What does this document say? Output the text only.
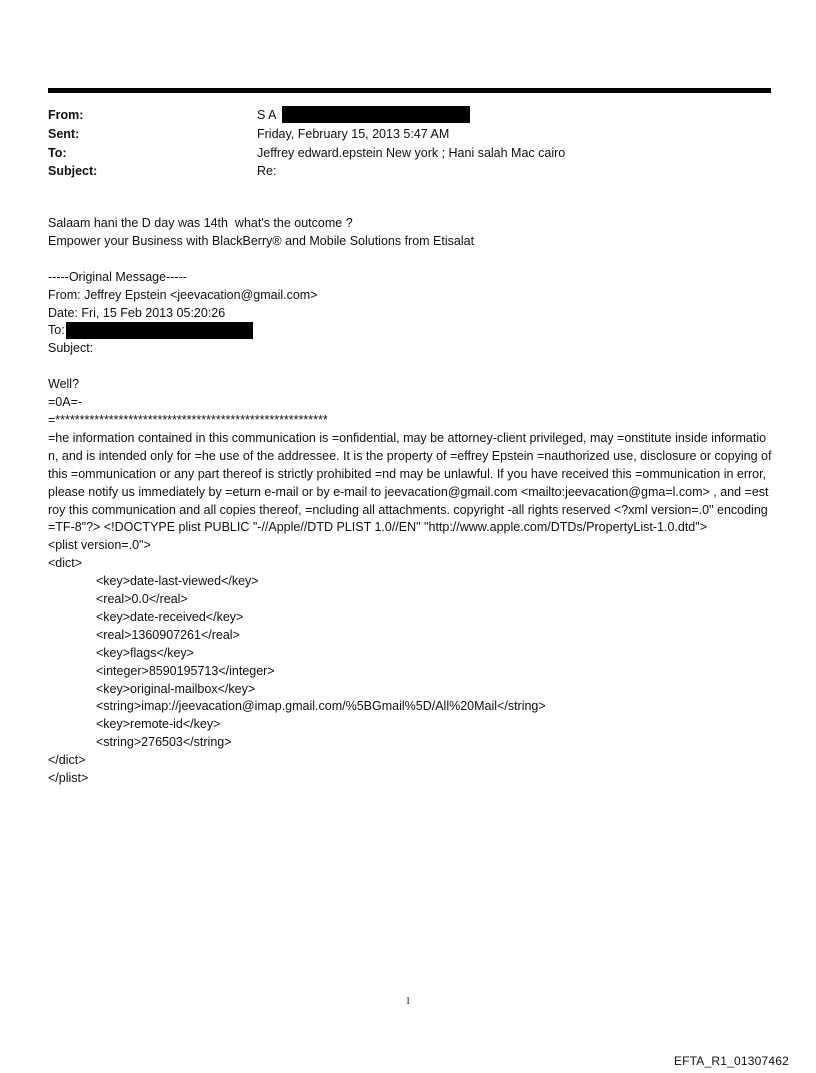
From:	S A
Sent:	Friday, February 15, 2013 5:47 AM
To:	Jeffrey edward.epstein New york ; Hani salah Mac cairo
Subject:	Re:
Salaam hani the D day was 14th  what's the outcome ?
Empower your Business with BlackBerry® and Mobile Solutions from Etisalat

-----Original Message-----
From: Jeffrey Epstein <jeevacation@gmail.com>
Date: Fri, 15 Feb 2013 05:20:26
To:
Subject:

Well?
=0A=-
=********************************************************
=he information contained in this communication is =onfidential, may be attorney-client privileged, may =onstitute inside information, and is intended only for =he use of the addressee. It is the property of =effrey Epstein =nauthorized use, disclosure or copying of this =ommunication or any part thereof is strictly prohibited =nd may be unlawful. If you have received this =ommunication in error, please notify us immediately by =eturn e-mail or by e-mail to jeevacation@gmail.com <mailto:jeevacation@gma=l.com> , and =estroy this communication and all copies thereof, =ncluding all attachments. copyright -all rights reserved <?xml version=.0" encoding=TF-8"?> <!DOCTYPE plist PUBLIC "-//Apple//DTD PLIST 1.0//EN" "http://www.apple.com/DTDs/PropertyList-1.0.dtd">
<plist version=.0">
<dict>
<key>date-last-viewed</key>
<real>0.0</real>
<key>date-received</key>
<real>1360907261</real>
<key>flags</key>
<integer>8590195713</integer>
<key>original-mailbox</key>
<string>imap://jeevacation@imap.gmail.com/%5BGmail%5D/All%20Mail</string>
<key>remote-id</key>
<string>276503</string>
</dict>
</plist>
1
EFTA_R1_01307462
